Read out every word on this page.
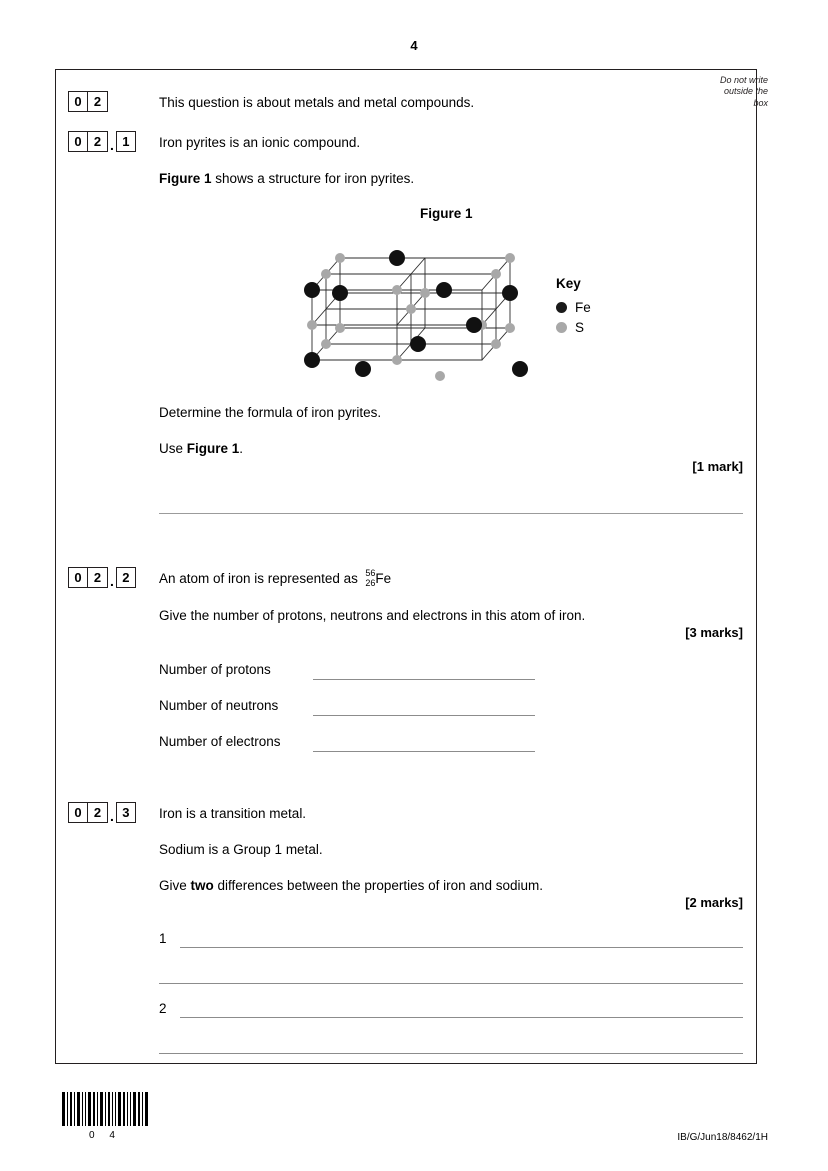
4
Do not write
outside the
box
0 2	This question is about metals and metal compounds.
0 2 . 1	Iron pyrites is an ionic compound.
Figure 1 shows a structure for iron pyrites.
Figure 1
Key
Fe
S
Determine the formula of iron pyrites.
Use Figure 1.
[1 mark]
0 2 . 2	An atom of iron is represented as 56
26Fe
Give the number of protons, neutrons and electrons in this atom of iron.
[3 marks]
Number of protons
Number of neutrons
Number of electrons
0 2 . 3	Iron is a transition metal.
Sodium is a Group 1 metal.
Give two differences between the properties of iron and sodium.
[2 marks]
1
2
0 4	IB/G/Jun18/8462/1H
